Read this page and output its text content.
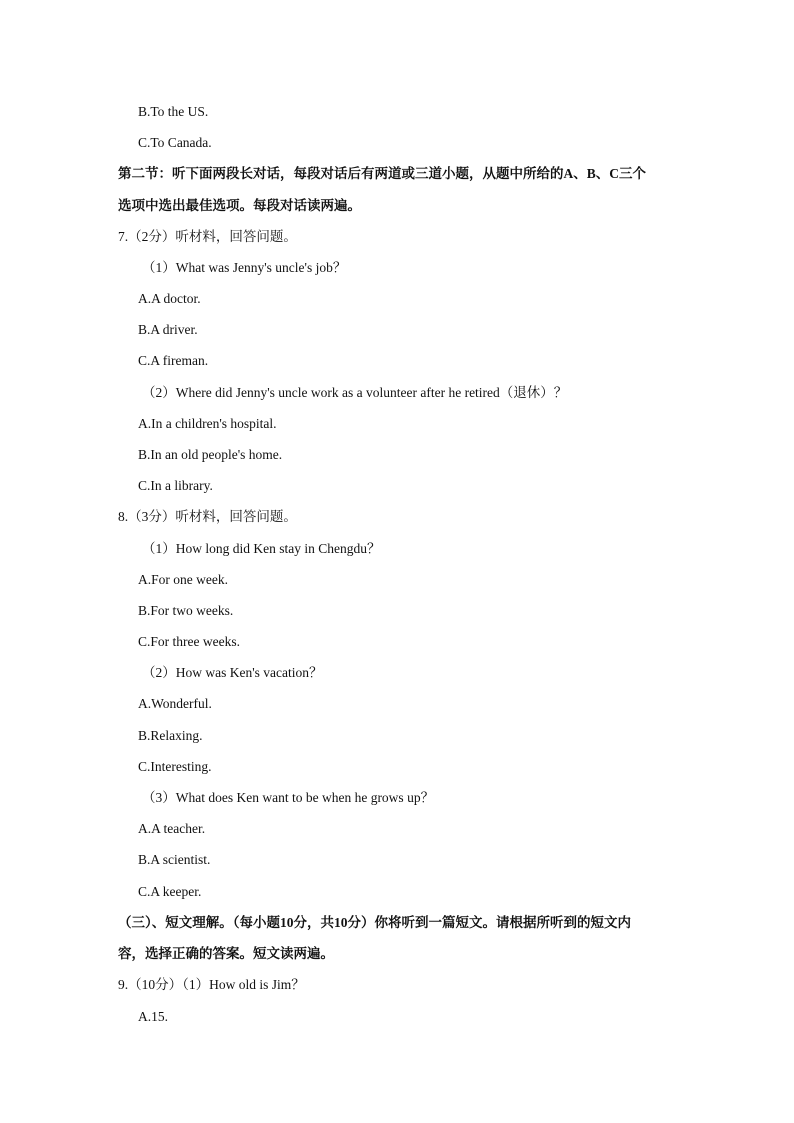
B.To the US.
C.To Canada.
第二节：听下面两段长对话，每段对话后有两道或三道小题，从题中所给的A、B、C三个
选项中选出最佳选项。每段对话读两遍。
7.（2分）听材料，回答问题。
（1）What was Jenny's uncle's job？
A.A doctor.
B.A driver.
C.A fireman.
（2）Where did Jenny's uncle work as a volunteer after he retired（退休）？
A.In a children's hospital.
B.In an old people's home.
C.In a library.
8.（3分）听材料，回答问题。
（1）How long did Ken stay in Chengdu？
A.For one week.
B.For two weeks.
C.For three weeks.
（2）How was Ken's vacation？
A.Wonderful.
B.Relaxing.
C.Interesting.
（3）What does Ken want to be when he grows up？
A.A teacher.
B.A scientist.
C.A keeper.
（三）、短文理解。（每小题10分，共10分）你将听到一篇短文。请根据所听到的短文内
容，选择正确的答案。短文读两遍。
9.（10分）（1）How old is Jim？
A.15.
